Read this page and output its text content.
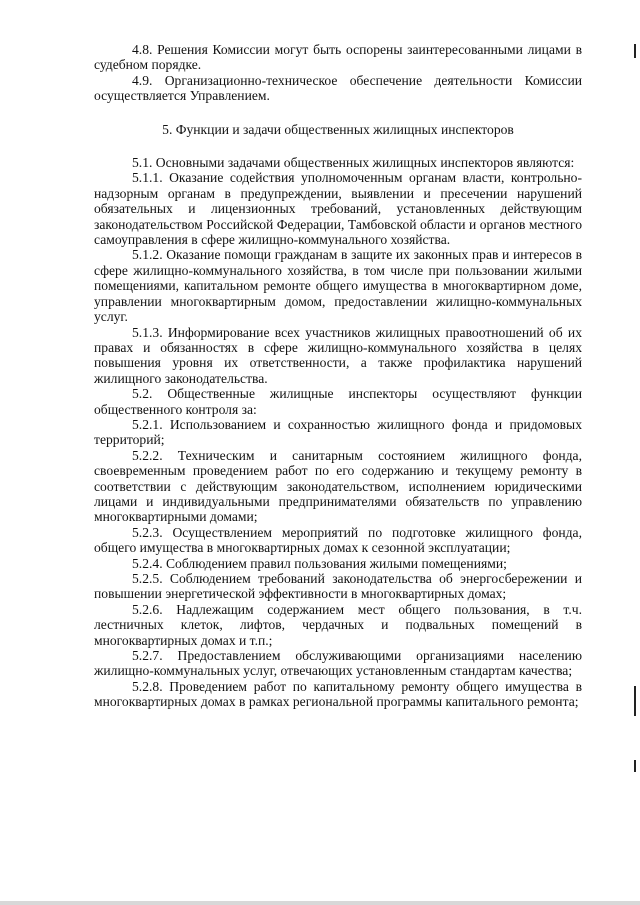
4.8. Решения Комиссии могут быть оспорены заинтересованными лицами в судебном порядке.

4.9. Организационно-техническое обеспечение деятельности Комиссии осуществляется Управлением.

5. Функции и задачи общественных жилищных инспекторов

5.1. Основными задачами общественных жилищных инспекторов являются:

5.1.1. Оказание содействия уполномоченным органам власти, контрольно-надзорным органам в предупреждении, выявлении и пресечении нарушений обязательных и лицензионных требований, установленных действующим законодательством Российской Федерации, Тамбовской области и органов местного самоуправления в сфере жилищно-коммунального хозяйства.

5.1.2. Оказание помощи гражданам в защите их законных прав и интересов в сфере жилищно-коммунального хозяйства, в том числе при пользовании жилыми помещениями, капитальном ремонте общего имущества в многоквартирном доме, управлении многоквартирным домом, предоставлении жилищно-коммунальных услуг.

5.1.3. Информирование всех участников жилищных правоотношений об их правах и обязанностях в сфере жилищно-коммунального хозяйства в целях повышения уровня их ответственности, а также профилактика нарушений жилищного законодательства.

5.2. Общественные жилищные инспекторы осуществляют функции общественного контроля за:

5.2.1. Использованием и сохранностью жилищного фонда и придомовых территорий;

5.2.2. Техническим и санитарным состоянием жилищного фонда, своевременным проведением работ по его содержанию и текущему ремонту в соответствии с действующим законодательством, исполнением юридическими лицами и индивидуальными предпринимателями обязательств по управлению многоквартирными домами;

5.2.3. Осуществлением мероприятий по подготовке жилищного фонда, общего имущества в многоквартирных домах к сезонной эксплуатации;

5.2.4. Соблюдением правил пользования жилыми помещениями;

5.2.5. Соблюдением требований законодательства об энергосбережении и повышении энергетической эффективности в многоквартирных домах;

5.2.6. Надлежащим содержанием мест общего пользования, в т.ч. лестничных клеток, лифтов, чердачных и подвальных помещений в многоквартирных домах и т.п.;

5.2.7. Предоставлением обслуживающими организациями населению жилищно-коммунальных услуг, отвечающих установленным стандартам качества;

5.2.8. Проведением работ по капитальному ремонту общего имущества в многоквартирных домах в рамках региональной программы капитального ремонта;
